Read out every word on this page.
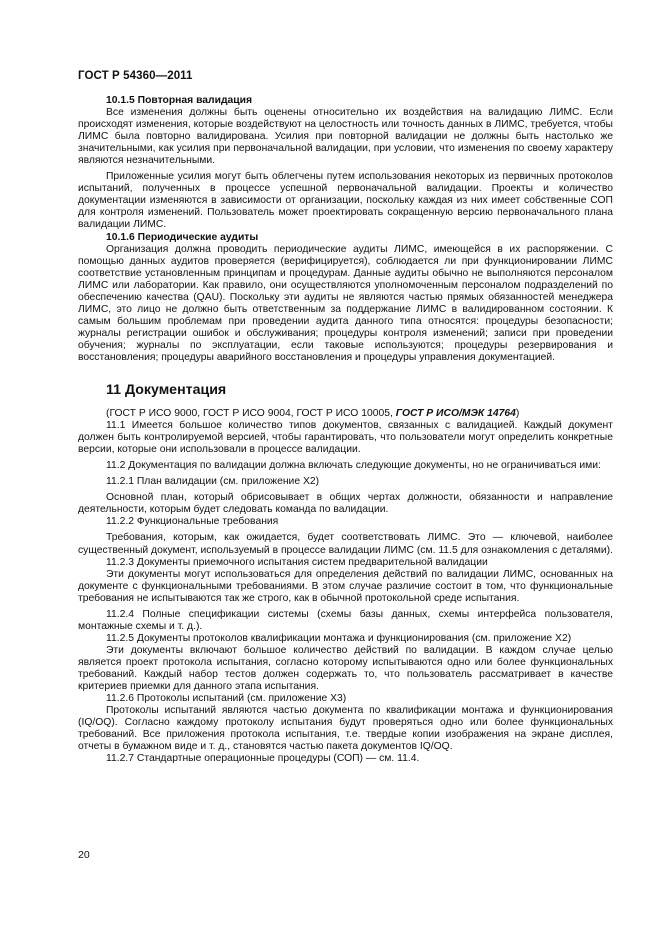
ГОСТ Р 54360—2011

10.1.5 Повторная валидация

Все изменения должны быть оценены относительно их воздействия на валидацию ЛИМС. Если происходят изменения, которые воздействуют на целостность или точность данных в ЛИМС, требуется, чтобы ЛИМС была повторно валидирована. Усилия при повторной валидации не должны быть настолько же значительными, как усилия при первоначальной валидации, при условии, что изменения по своему характеру являются незначительными.

Приложенные усилия могут быть облегчены путем использования некоторых из первичных протоколов испытаний, полученных в процессе успешной первоначальной валидации. Проекты и количество документации изменяются в зависимости от организации, поскольку каждая из них имеет собственные СОП для контроля изменений. Пользователь может проектировать сокращенную версию первоначального плана валидации ЛИМС.

10.1.6 Периодические аудиты

Организация должна проводить периодические аудиты ЛИМС, имеющейся в их распоряжении. С помощью данных аудитов проверяется (верифицируется), соблюдается ли при функционировании ЛИМС соответствие установленным принципам и процедурам. Данные аудиты обычно не выполняются персоналом ЛИМС или лаборатории. Как правило, они осуществляются уполномоченным персоналом подразделений по обеспечению качества (QAU). Поскольку эти аудиты не являются частью прямых обязанностей менеджера ЛИМС, это лицо не должно быть ответственным за поддержание ЛИМС в валидированном состоянии. К самым большим проблемам при проведении аудита данного типа относятся: процедуры безопасности; журналы регистрации ошибок и обслуживания; процедуры контроля изменений; записи при проведении обучения; журналы по эксплуатации, если таковые используются; процедуры резервирования и восстановления; процедуры аварийного восстановления и процедуры управления документацией.

11 Документация

(ГОСТ Р ИСО 9000, ГОСТ Р ИСО 9004, ГОСТ Р ИСО 10005, ГОСТ Р ИСО/МЭК 14764)

11.1 Имеется большое количество типов документов, связанных с валидацией. Каждый документ должен быть контролируемой версией, чтобы гарантировать, что пользователи могут определить конкретные версии, которые они использовали в процессе валидации.

11.2 Документация по валидации должна включать следующие документы, но не ограничиваться ими:

11.2.1 План валидации (см. приложение Х2)

Основной план, который обрисовывает в общих чертах должности, обязанности и направление деятельности, которым будет следовать команда по валидации.

11.2.2 Функциональные требования

Требования, которым, как ожидается, будет соответствовать ЛИМС. Это — ключевой, наиболее существенный документ, используемый в процессе валидации ЛИМС (см. 11.5 для ознакомления с деталями).

11.2.3 Документы приемочного испытания систем предварительной валидации

Эти документы могут использоваться для определения действий по валидации ЛИМС, основанных на документе с функциональными требованиями. В этом случае различие состоит в том, что функциональные требования не испытываются так же строго, как в обычной протокольной среде испытания.

11.2.4 Полные спецификации системы (схемы базы данных, схемы интерфейса пользователя, монтажные схемы и т. д.).

11.2.5 Документы протоколов квалификации монтажа и функционирования (см. приложение Х2)

Эти документы включают большое количество действий по валидации. В каждом случае целью является проект протокола испытания, согласно которому испытываются одно или более функциональных требований. Каждый набор тестов должен содержать то, что пользователь рассматривает в качестве критериев приемки для данного этапа испытания.

11.2.6 Протоколы испытаний (см. приложение Х3)

Протоколы испытаний являются частью документа по квалификации монтажа и функционирования (IQ/OQ). Согласно каждому протоколу испытания будут проверяться одно или более функциональных требований. Все приложения протокола испытания, т.е. твердые копии изображения на экране дисплея, отчеты в бумажном виде и т. д., становятся частью пакета документов IQ/OQ.

11.2.7 Стандартные операционные процедуры (СОП) — см. 11.4.

20
